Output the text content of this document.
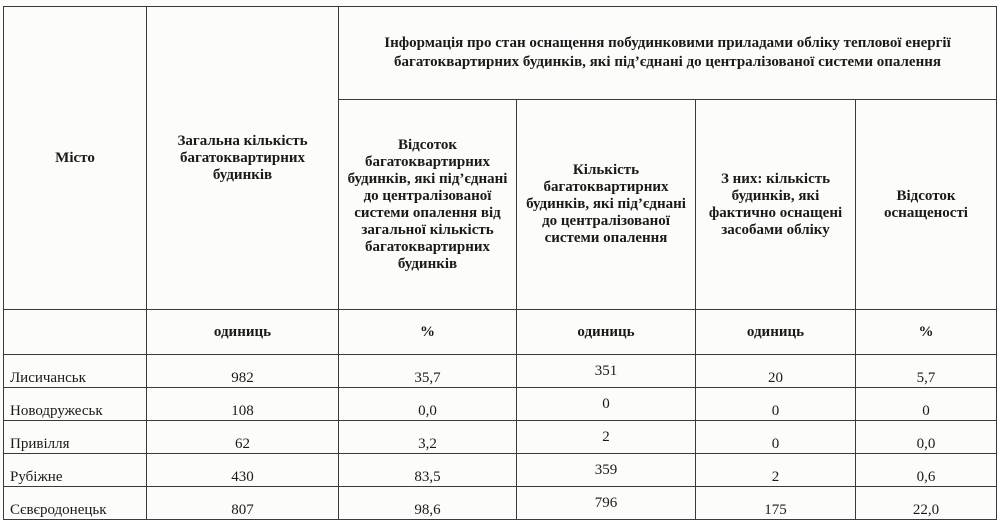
Місто	Загальна кількість багатоквартирних будинків	Інформація про стан оснащення побудинковими приладами обліку теплової енергії багатоквартирних будинків, які під’єднані до централізованої системи опалення			
		Відсоток багатоквартирних будинків, які під’єднані до централізованої системи опалення від загальної кількість багатоквартирних будинків	Кількість багатоквартирних будинків, які під’єднані до централізованої системи опалення	З них: кількість будинків, які фактично оснащені засобами обліку	Відсоток оснащеності
	одиниць	%	одиниць	одиниць	%
Лисичанськ	982	35,7	351	20	5,7
Новодружеськ	108	0,0	0	0	0
Привілля	62	3,2	2	0	0,0
Рубіжне	430	83,5	359	2	0,6
Сєвєродонецьк	807	98,6	796	175	22,0
